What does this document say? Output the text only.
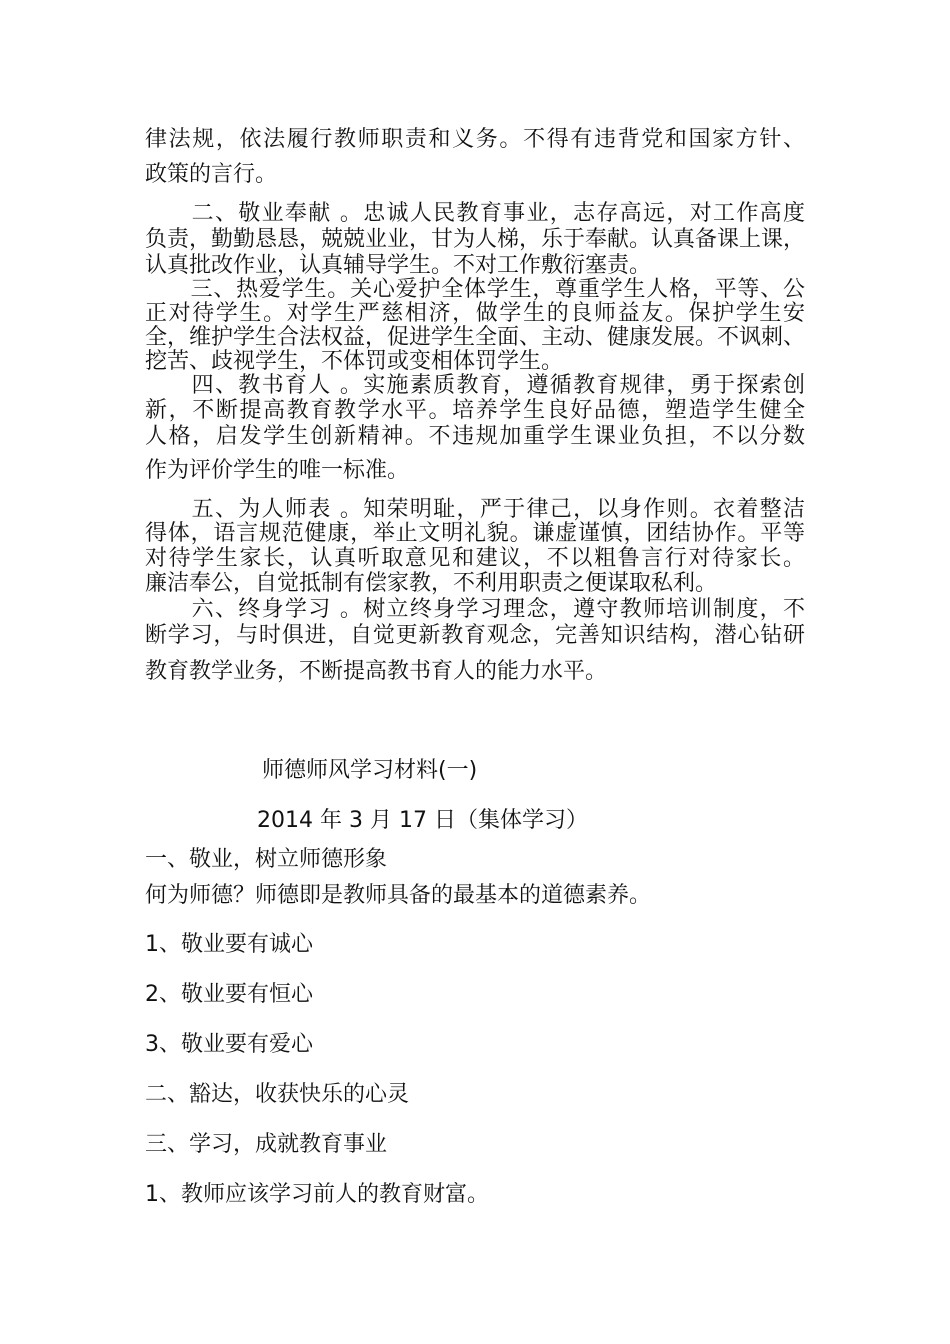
律法规，依法履行教师职责和义务。不得有违背党和国家方针、
政策的言行。
　　二、敬业奉献 。忠诚人民教育事业，志存高远，对工作高度
负责，勤勤恳恳，兢兢业业，甘为人梯，乐于奉献。认真备课上课，
认真批改作业，认真辅导学生。不对工作敷衍塞责。
　　三、热爱学生。关心爱护全体学生，尊重学生人格，平等、公
正对待学生。对学生严慈相济，做学生的良师益友。保护学生安
全，维护学生合法权益，促进学生全面、主动、健康发展。不讽刺、
挖苦、歧视学生，不体罚或变相体罚学生。
　　四、教书育人 。实施素质教育，遵循教育规律，勇于探索创
新，不断提高教育教学水平。培养学生良好品德，塑造学生健全
人格，启发学生创新精神。不违规加重学生课业负担，不以分数
作为评价学生的唯一标准。
　　五、为人师表 。知荣明耻，严于律己，以身作则。衣着整洁
得体，语言规范健康，举止文明礼貌。谦虚谨慎，团结协作。平等
对待学生家长，认真听取意见和建议，不以粗鲁言行对待家长。
廉洁奉公，自觉抵制有偿家教，不利用职责之便谋取私利。
　　六、终身学习 。树立终身学习理念，遵守教师培训制度，不
断学习，与时俱进，自觉更新教育观念，完善知识结构，潜心钻研
教育教学业务，不断提高教书育人的能力水平。
师德师风学习材料(一)
2014 年 3 月 17 日（集体学习）
一、敬业，树立师德形象
何为师德？师德即是教师具备的最基本的道德素养。
1、敬业要有诚心
2、敬业要有恒心
3、敬业要有爱心
二、豁达，收获快乐的心灵
三、学习，成就教育事业
1、教师应该学习前人的教育财富。
